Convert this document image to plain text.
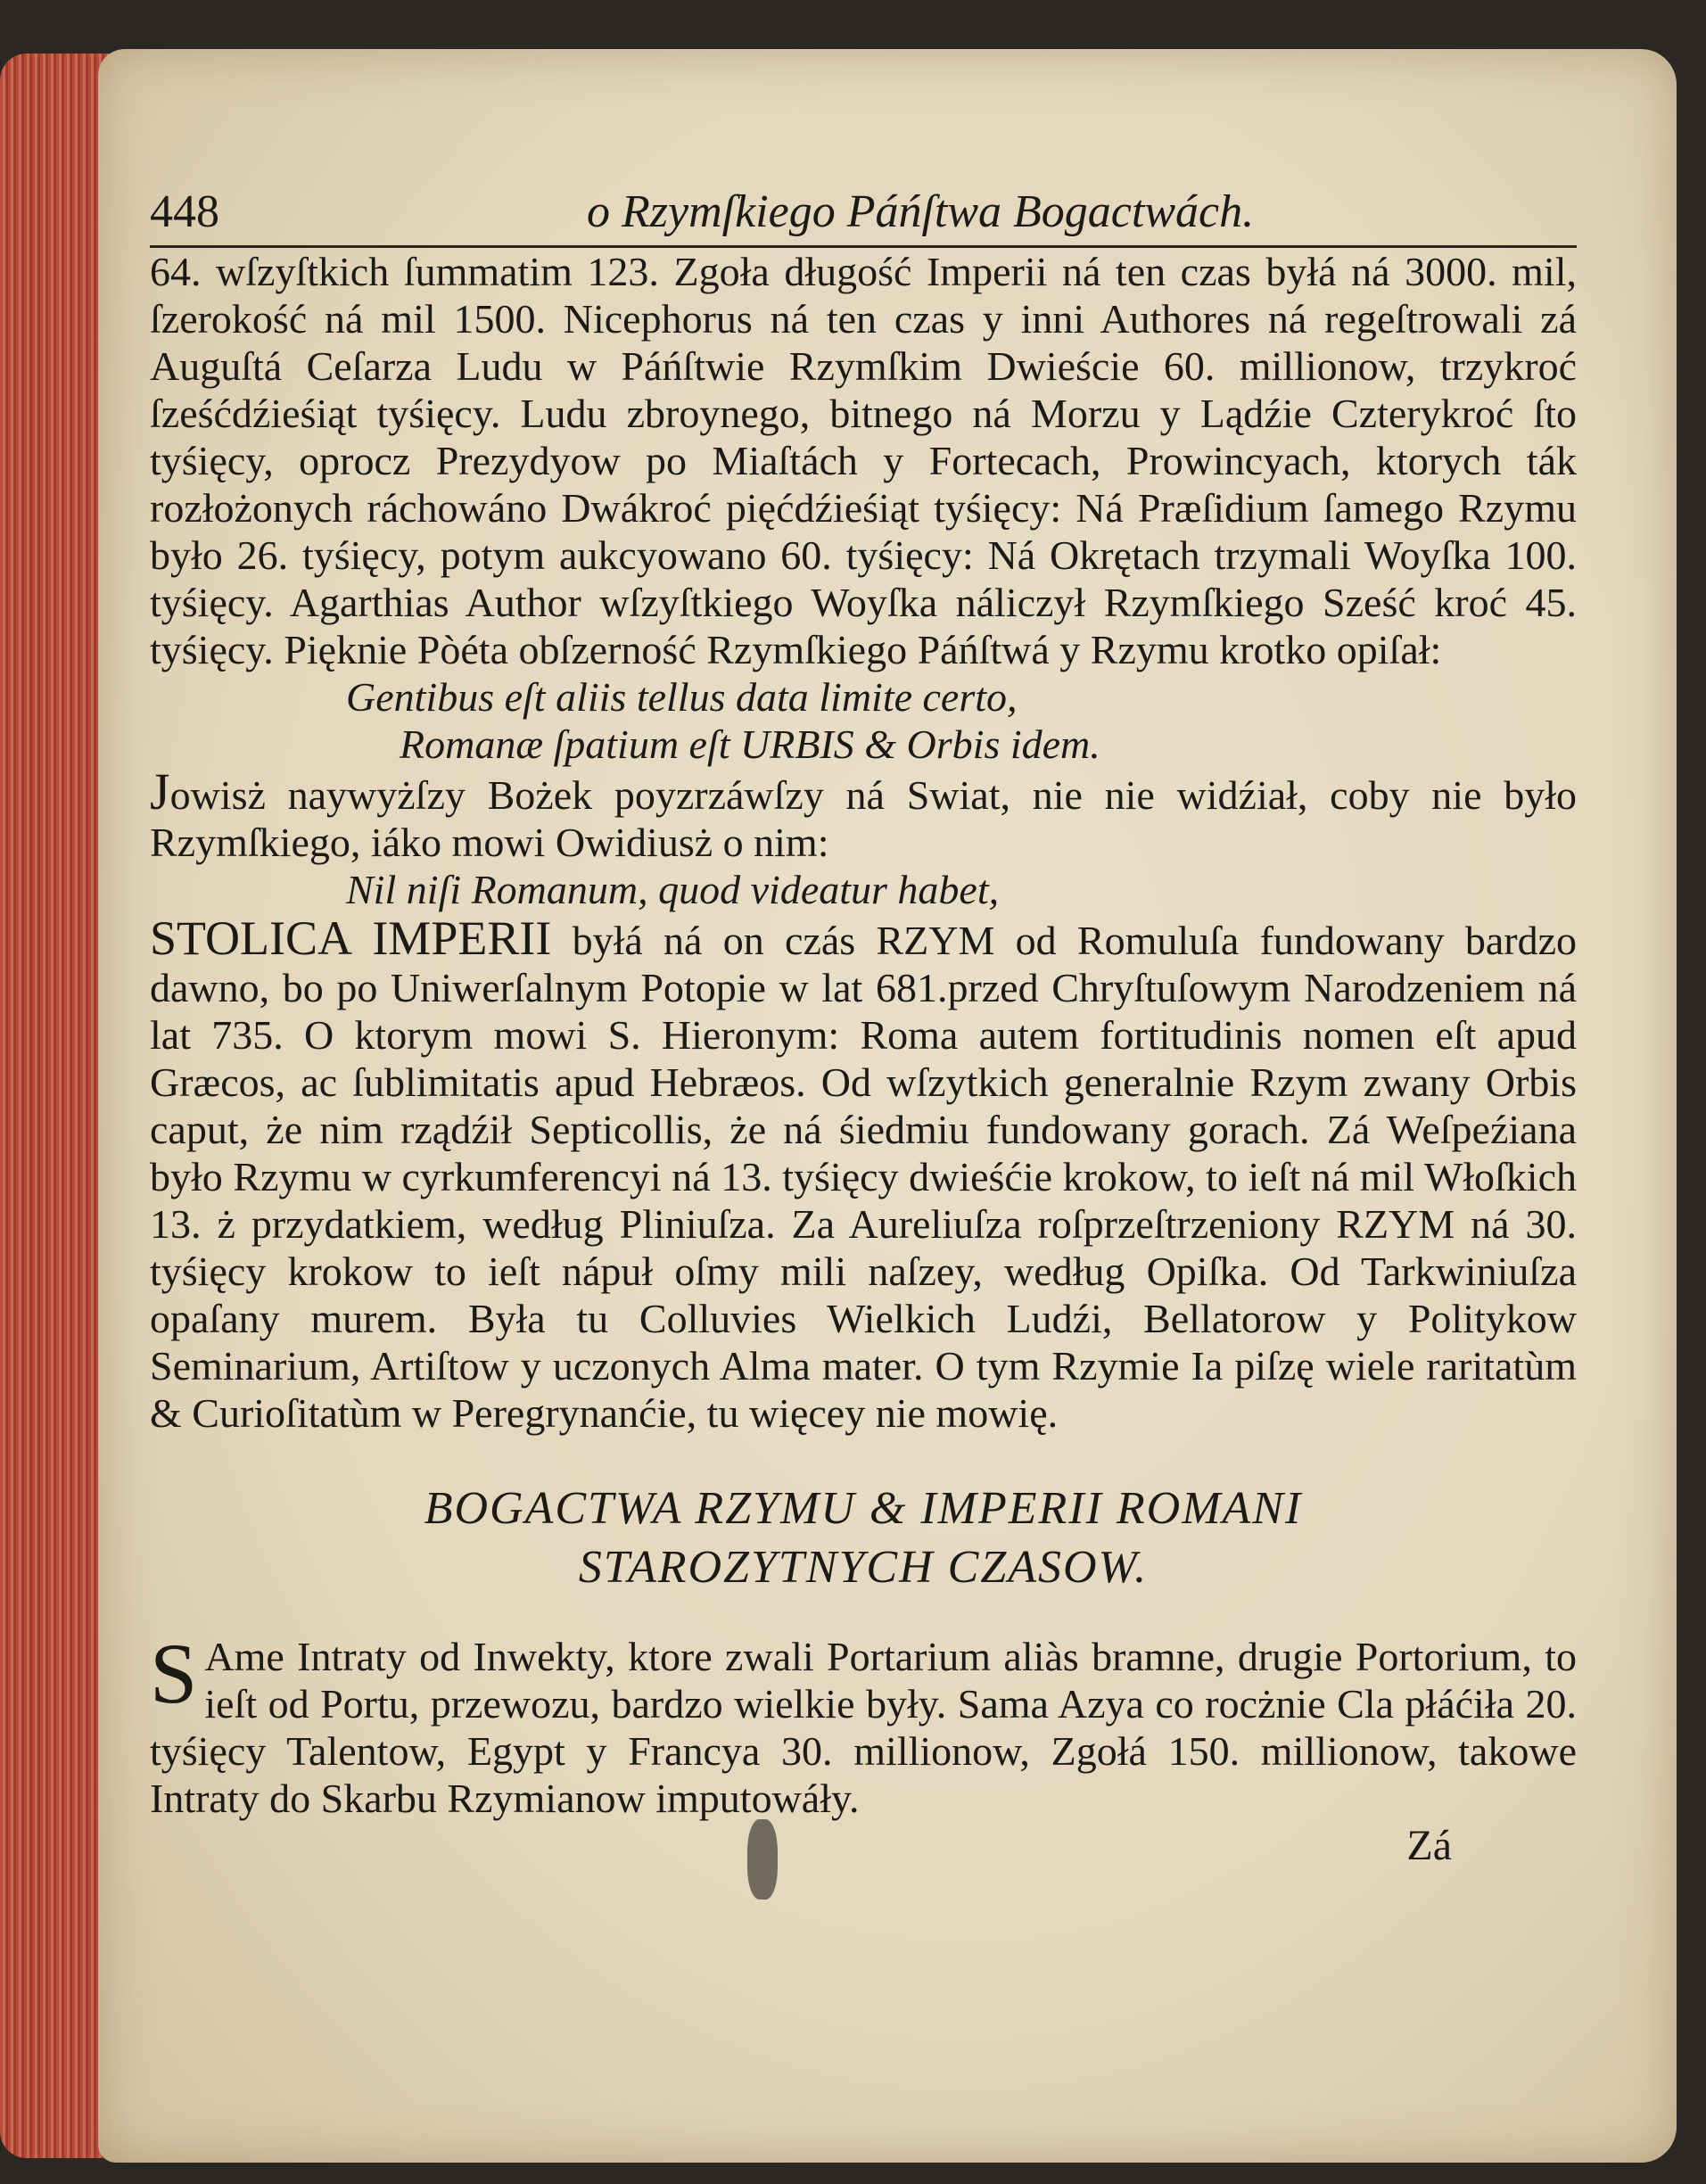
448	o Rzymſkiego Páńſtwa Bogactwách.

64. wſzyſtkich ſummatim 123. Zgoła długość Imperii ná ten czas byłá ná 3000. mil, ſzerokość ná mil 1500. Nicephorus ná ten czas y inni Authores ná regeſtrowali zá Auguſtá Ceſarza Ludu w Páńſtwie Rzymſkim Dwieście 60. millionow, trzykroć ſześćdźieśiąt tyśięcy. Ludu zbroynego, bitnego ná Morzu y Lądźie Czterykroć ſto tyśięcy, oprocz Prezydyow po Miaſtách y Fortecach, Prowincyach, ktorych ták rozłożonych ráchowáno Dwákroć pięćdźieśiąt tyśięcy: Ná Præſidium ſamego Rzymu było 26. tyśięcy, potym aukcyowano 60. tyśięcy: Ná Okrętach trzymali Woyſka 100. tyśięcy. Agarthias Author wſzyſtkiego Woyſka náliczył Rzymſkiego Sześć kroć 45. tyśięcy. Pięknie Pòéta obſzerność Rzymſkiego Páńſtwá y Rzymu krotko opiſał:

Gentibus eſt aliis tellus data limite certo,

Romanæ ſpatium eſt URBIS & Orbis idem.

Jowisż naywyżſzy Bożek poyzrzáwſzy ná Swiat, nie nie widźiał, coby nie było Rzymſkiego, iáko mowi Owidiusż o nim:

Nil niſi Romanum, quod videatur habet,

STOLICA IMPERII byłá ná on czás RZYM od Romuluſa fundowany bardzo dawno, bo po Uniwerſalnym Potopie w lat 681.przed Chryſtuſowym Narodzeniem ná lat 735. O ktorym mowi S. Hieronym: Roma autem fortitudinis nomen eſt apud Græcos, ac ſublimitatis apud Hebræos. Od wſzytkich generalnie Rzym zwany Orbis caput, że nim rządźił Septicollis, że ná śiedmiu fundowany gorach. Zá Weſpeźiana było Rzymu w cyrkumferencyi ná 13. tyśięcy dwieśćie krokow, to ieſt ná mil Włoſkich 13. ż przydatkiem, według Pliniuſza. Za Aureliuſza roſprzeſtrzeniony RZYM ná 30. tyśięcy krokow to ieſt nápuł oſmy mili naſzey, według Opiſka. Od Tarkwiniuſza opaſany murem. Była tu Colluvies Wielkich Ludźi, Bellatorow y Politykow Seminarium, Artiſtow y uczonych Alma mater. O tym Rzymie Ia piſzę wiele raritatùm & Curioſitatùm w Peregrynanćie, tu więcey nie mowię.

BOGACTWA RZYMU & IMPERII ROMANI
STAROZYTNYCH CZASOW.

S Ame Intraty od Inwekty, ktore zwali Portarium aliàs bramne, drugie Portorium, to ieſt od Portu, przewozu, bardzo wielkie były. Sama Azya co rocżnie Cla płáćiła 20. tyśięcy Talentow, Egypt y Francya 30. millionow, Zgołá 150. millionow, takowe Intraty do Skarbu Rzymianow imputowáły.

Zá
